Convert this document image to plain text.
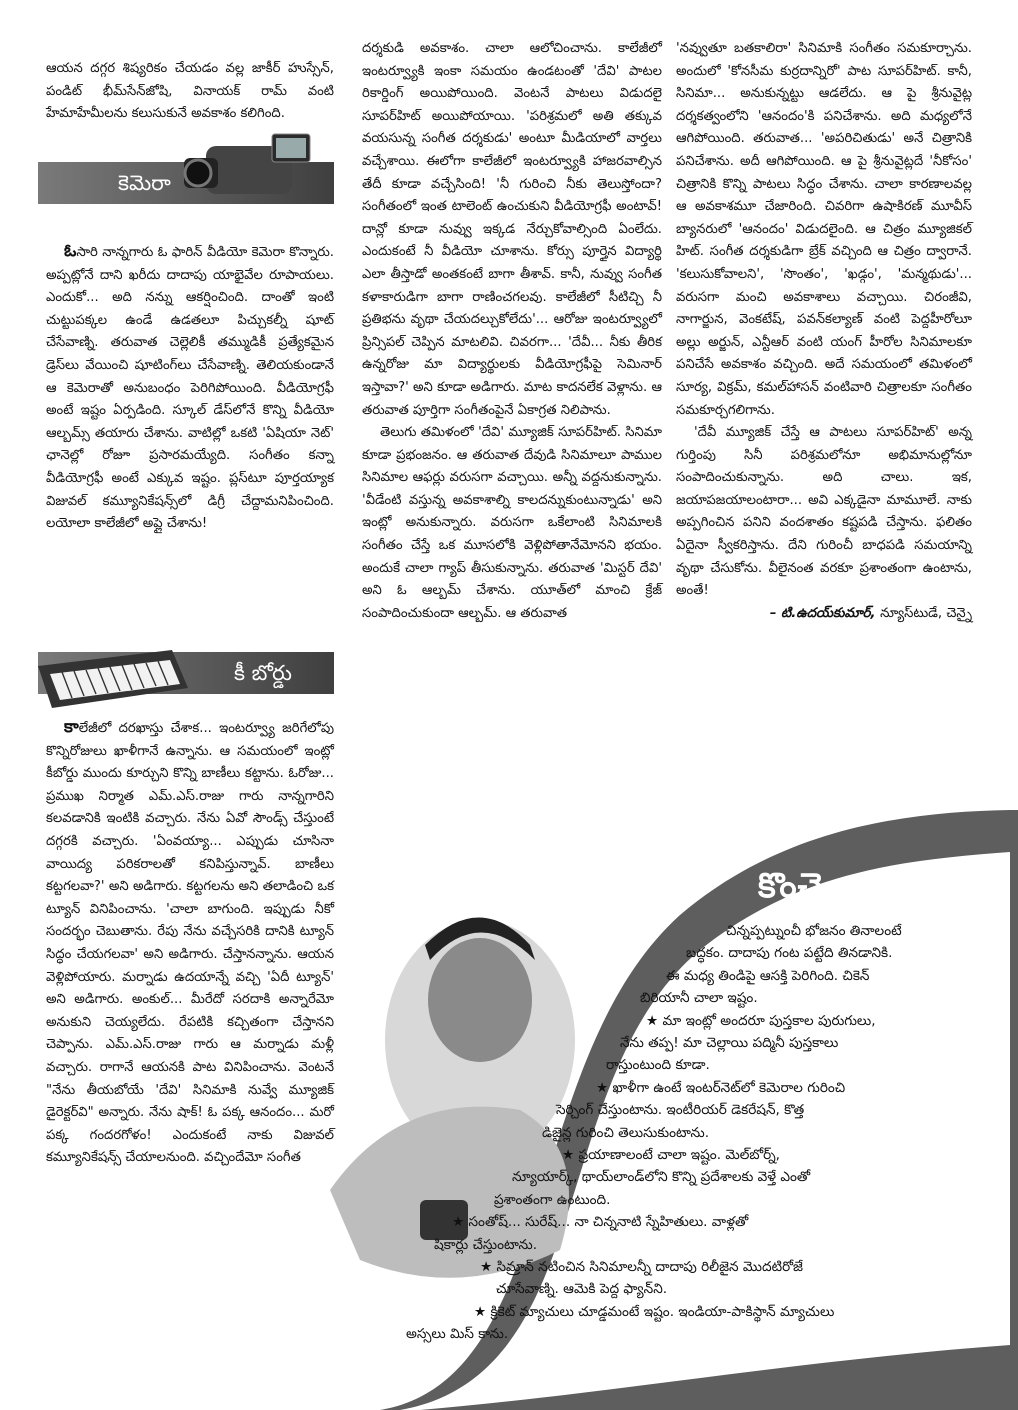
ఆయన దగ్గర శిష్యరికం చేయడం వల్ల జాకీర్ హుస్సేన్, పండిట్ భీమ్‌సేన్‌జోషి, వినాయక్ రామ్ వంటి హేమాహేమీలను కలుసుకునే అవకాశం కలిగింది.

కెమెరా

ఓసారి నాన్నగారు ఓ ఫారిన్ వీడియో కెమెరా కొన్నారు. అప్పట్లోనే దాని ఖరీదు దాదాపు యాభైవేల రూపాయలు. ఎందుకో... అది నన్ను ఆకర్షించింది. దాంతో ఇంటి చుట్టుపక్కల ఉండే ఉడతలూ పిచ్చుకల్నీ షూట్ చేసేవాణ్ని. తరువాత చెల్లెలికీ తమ్ముడికీ ప్రత్యేకమైన డ్రెస్‌లు వేయించి షూటింగ్‌లు చేసేవాణ్ని. తెలియకుండానే ఆ కెమెరాతో అనుబంధం పెరిగిపోయింది. వీడియోగ్రఫీ అంటే ఇష్టం ఏర్పడింది. స్కూల్ డేస్‌లోనే కొన్ని వీడియో ఆల్బమ్స్ తయారు చేశాను. వాటిల్లో ఒకటి 'ఏషియా నెట్' ఛానెల్లో రోజూ ప్రసారమయ్యేది. సంగీతం కన్నా వీడియోగ్రఫీ అంటే ఎక్కువ ఇష్టం. ప్లస్‌టూ పూర్తయ్యాక విజువల్ కమ్యూనికేషన్స్‌లో డిగ్రీ చేద్దామనిపించింది. లయోలా కాలేజీలో అప్లై చేశాను!

కీ బోర్డు

కాలేజీలో దరఖాస్తు చేశాక... ఇంటర్వ్యూ జరిగేలోపు కొన్నిరోజులు ఖాళీగానే ఉన్నాను. ఆ సమయంలో ఇంట్లో కీబోర్డు ముందు కూర్చుని కొన్ని బాణీలు కట్టాను. ఓరోజు... ప్రముఖ నిర్మాత ఎమ్.ఎస్.రాజు గారు నాన్నగారిని కలవడానికి ఇంటికి వచ్చారు. నేను ఏవో సౌండ్స్ చేస్తుంటే దగ్గరకి వచ్చారు. 'ఏంవయ్యా... ఎప్పుడు చూసినా వాయిద్య పరికరాలతో కనిపిస్తున్నావ్. బాణీలు కట్టగలవా?' అని అడిగారు. కట్టగలను అని తలాడించి ఒక ట్యూన్ వినిపించాను. 'చాలా బాగుంది. ఇప్పుడు నీకో సందర్భం చెబుతాను. రేపు నేను వచ్చేసరికి దానికి ట్యూన్ సిద్ధం చేయగలవా' అని అడిగారు. చేస్తానన్నాను. ఆయన వెళ్లిపోయారు. మర్నాడు ఉదయాన్నే వచ్చి 'ఏదీ ట్యూన్' అని అడిగారు. అంకుల్... మీరేదో సరదాకి అన్నారేమో అనుకుని చెయ్యలేదు. రేపటికి కచ్చితంగా చేస్తానని చెప్పాను. ఎమ్.ఎస్.రాజు గారు ఆ మర్నాడు మళ్లీ వచ్చారు. రాగానే ఆయనకి పాట వినిపించాను. వెంటనే "నేను తీయబోయే 'దేవి' సినిమాకి నువ్వే మ్యూజిక్ డైరెక్టర్‌వి" అన్నారు. నేను షాక్! ఓ పక్క ఆనందం... మరో పక్క గందరగోళం! ఎందుకంటే నాకు విజువల్ కమ్యూనికేషన్స్ చేయాలనుంది. వచ్చిందేమో సంగీత

దర్శకుడి అవకాశం. చాలా ఆలోచించాను. కాలేజీలో ఇంటర్వ్యూకి ఇంకా సమయం ఉండటంతో 'దేవి' పాటల రికార్డింగ్ అయిపోయింది. వెంటనే పాటలు విడుదలై సూపర్‌హిట్ అయిపోయాయి. 'పరిశ్రమలో అతి తక్కువ వయసున్న సంగీత దర్శకుడు' అంటూ మీడియాలో వార్తలు వచ్చేశాయి. ఈలోగా కాలేజీలో ఇంటర్వ్యూకి హాజరవాల్సిన తేదీ కూడా వచ్చేసింది! 'నీ గురించి నీకు తెలుస్తోందా? సంగీతంలో ఇంత టాలెంట్ ఉంచుకుని వీడియోగ్రఫీ అంటావ్! దాన్లో కూడా నువ్వు ఇక్కడ నేర్చుకోవాల్సింది ఏంలేదు. ఎందుకంటే నీ వీడియో చూశాను. కోర్సు పూర్తైన విద్యార్థి ఎలా తీస్తాడో అంతకంటే బాగా తీశావ్. కానీ, నువ్వు సంగీత కళాకారుడిగా బాగా రాణించగలవు. కాలేజీలో సీటిచ్చి నీ ప్రతిభను వృథా చేయదల్చుకోలేదు'... ఆరోజు ఇంటర్వ్యూలో ప్రిన్సిపల్ చెప్పిన మాటలివి. చివరగా... 'దేవీ... నీకు తీరిక ఉన్నరోజు మా విద్యార్థులకు వీడియోగ్రఫీపై సెమినార్ ఇస్తావా?' అని కూడా అడిగారు. మాట కాదనలేక వెళ్లాను. ఆ తరువాత పూర్తిగా సంగీతంపైనే ఏకాగ్రత నిలిపాను.

తెలుగు తమిళంలో 'దేవి' మ్యూజిక్ సూపర్‌హిట్. సినిమా కూడా ప్రభంజనం. ఆ తరువాత దేవుడి సినిమాలూ పాముల సినిమాల ఆఫర్లు వరుసగా వచ్చాయి. అన్నీ వద్దనుకున్నాను. 'వీడేంటి వస్తున్న అవకాశాల్ని కాలదన్నుకుంటున్నాడు' అని ఇంట్లో అనుకున్నారు. వరుసగా ఒకేలాంటి సినిమాలకి సంగీతం చేస్తే ఒక మూసలోకి వెళ్లిపోతానేమోనని భయం. అందుకే చాలా గ్యాప్ తీసుకున్నాను. తరువాత 'మిస్టర్ దేవి' అని ఓ ఆల్బమ్ చేశాను. యూత్‌లో మాంచి క్రేజ్ సంపాదించుకుందా ఆల్బమ్. ఆ తరువాత

'నవ్వుతూ బతకాలిరా' సినిమాకి సంగీతం సమకూర్చాను. అందులో 'కోనసీమ కుర్రదాన్నిరో' పాట సూపర్‌హిట్. కానీ, సినిమా... అనుకున్నట్టు ఆడలేదు. ఆ పై శ్రీనువైట్ల దర్శకత్వంలోని 'ఆనందం'కి పనిచేశాను. అది మధ్యలోనే ఆగిపోయింది. తరువాత... 'అపరిచితుడు' అనే చిత్రానికి పనిచేశాను. అదీ ఆగిపోయింది. ఆ పై శ్రీనువైట్లదే 'నీకోసం' చిత్రానికి కొన్ని పాటలు సిద్ధం చేశాను. చాలా కారణాలవల్ల ఆ అవకాశమూ చేజారింది. చివరిగా ఉషాకిరణ్ మూవీస్ బ్యానరులో 'ఆనందం' విడుదలైంది. ఆ చిత్రం మ్యూజికల్ హిట్. సంగీత దర్శకుడిగా బ్రేక్ వచ్చింది ఆ చిత్రం ద్వారానే. 'కలుసుకోవాలని', 'సొంతం', 'ఖడ్గం', 'మన్మథుడు'... వరుసగా మంచి అవకాశాలు వచ్చాయి. చిరంజీవి, నాగార్జున, వెంకటేష్, పవన్‌కల్యాణ్ వంటి పెద్దహీరోలూ అల్లు అర్జున్, ఎన్టీఆర్ వంటి యంగ్ హీరోల సినిమాలకూ పనిచేసే అవకాశం వచ్చింది. అదే సమయంలో తమిళంలో సూర్య, విక్రమ్, కమల్‌హాసన్ వంటివారి చిత్రాలకూ సంగీతం సమకూర్చగలిగాను.

'దేవీ మ్యూజిక్ చేస్తే ఆ పాటలు సూపర్‌హిట్' అన్న గుర్తింపు సినీ పరిశ్రమలోనూ అభిమానుల్లోనూ సంపాదించుకున్నాను. అది చాలు. ఇక, జయాపజయాలంటారా... అవి ఎక్కడైనా మామూలే. నాకు అప్పగించిన పనిని వందశాతం కష్టపడి చేస్తాను. ఫలితం ఏదైనా స్వీకరిస్తాను. దేని గురించీ బాధపడి సమయాన్ని వృథా చేసుకోను. వీలైనంత వరకూ ప్రశాంతంగా ఉంటాను, అంతే!

– టి.ఉదయ్‌కుమార్, న్యూస్‌టుడే, చెన్నై

కొంచెం బద్ధకం
చిన్నప్పట్నుంచీ భోజనం తినాలంటే
బద్ధకం. దాదాపు గంట పట్టేది తినడానికి.
ఈ మధ్య తిండిపై ఆసక్తి పెరిగింది. చికెన్
బిరియానీ చాలా ఇష్టం.
★ మా ఇంట్లో అందరూ పుస్తకాల పురుగులు,
నేను తప్ప! మా చెల్లాయి పద్మినీ పుస్తకాలు
రాస్తుంటుంది కూడా.
★ ఖాళీగా ఉంటే ఇంటర్‌నెట్‌లో కెమెరాల గురించి
సెర్చింగ్ చేస్తుంటాను. ఇంటీరియర్ డెకరేషన్, కొత్త
డిజైన్ల గురించి తెలుసుకుంటాను.
★ ప్రయాణాలంటే చాలా ఇష్టం. మెల్‌బోర్న్,
న్యూయార్క్, థాయ్‌లాండ్‌లోని కొన్ని ప్రదేశాలకు వెళ్తే ఎంతో
ప్రశాంతంగా ఉంటుంది.
★ సంతోష్... సురేష్... నా చిన్ననాటి స్నేహితులు. వాళ్లతో
షికార్లు చేస్తుంటాను.
★ సిమ్రాన్ నటించిన సినిమాలన్నీ దాదాపు రిలీజైన మొదటిరోజే
చూసేవాణ్ని. ఆమెకి పెద్ద ఫ్యాన్‌ని.
★ క్రికెట్ మ్యాచులు చూడ్డమంటే ఇష్టం. ఇండియా-పాకిస్థాన్ మ్యాచులు
అస్సలు మిస్ కాను.
